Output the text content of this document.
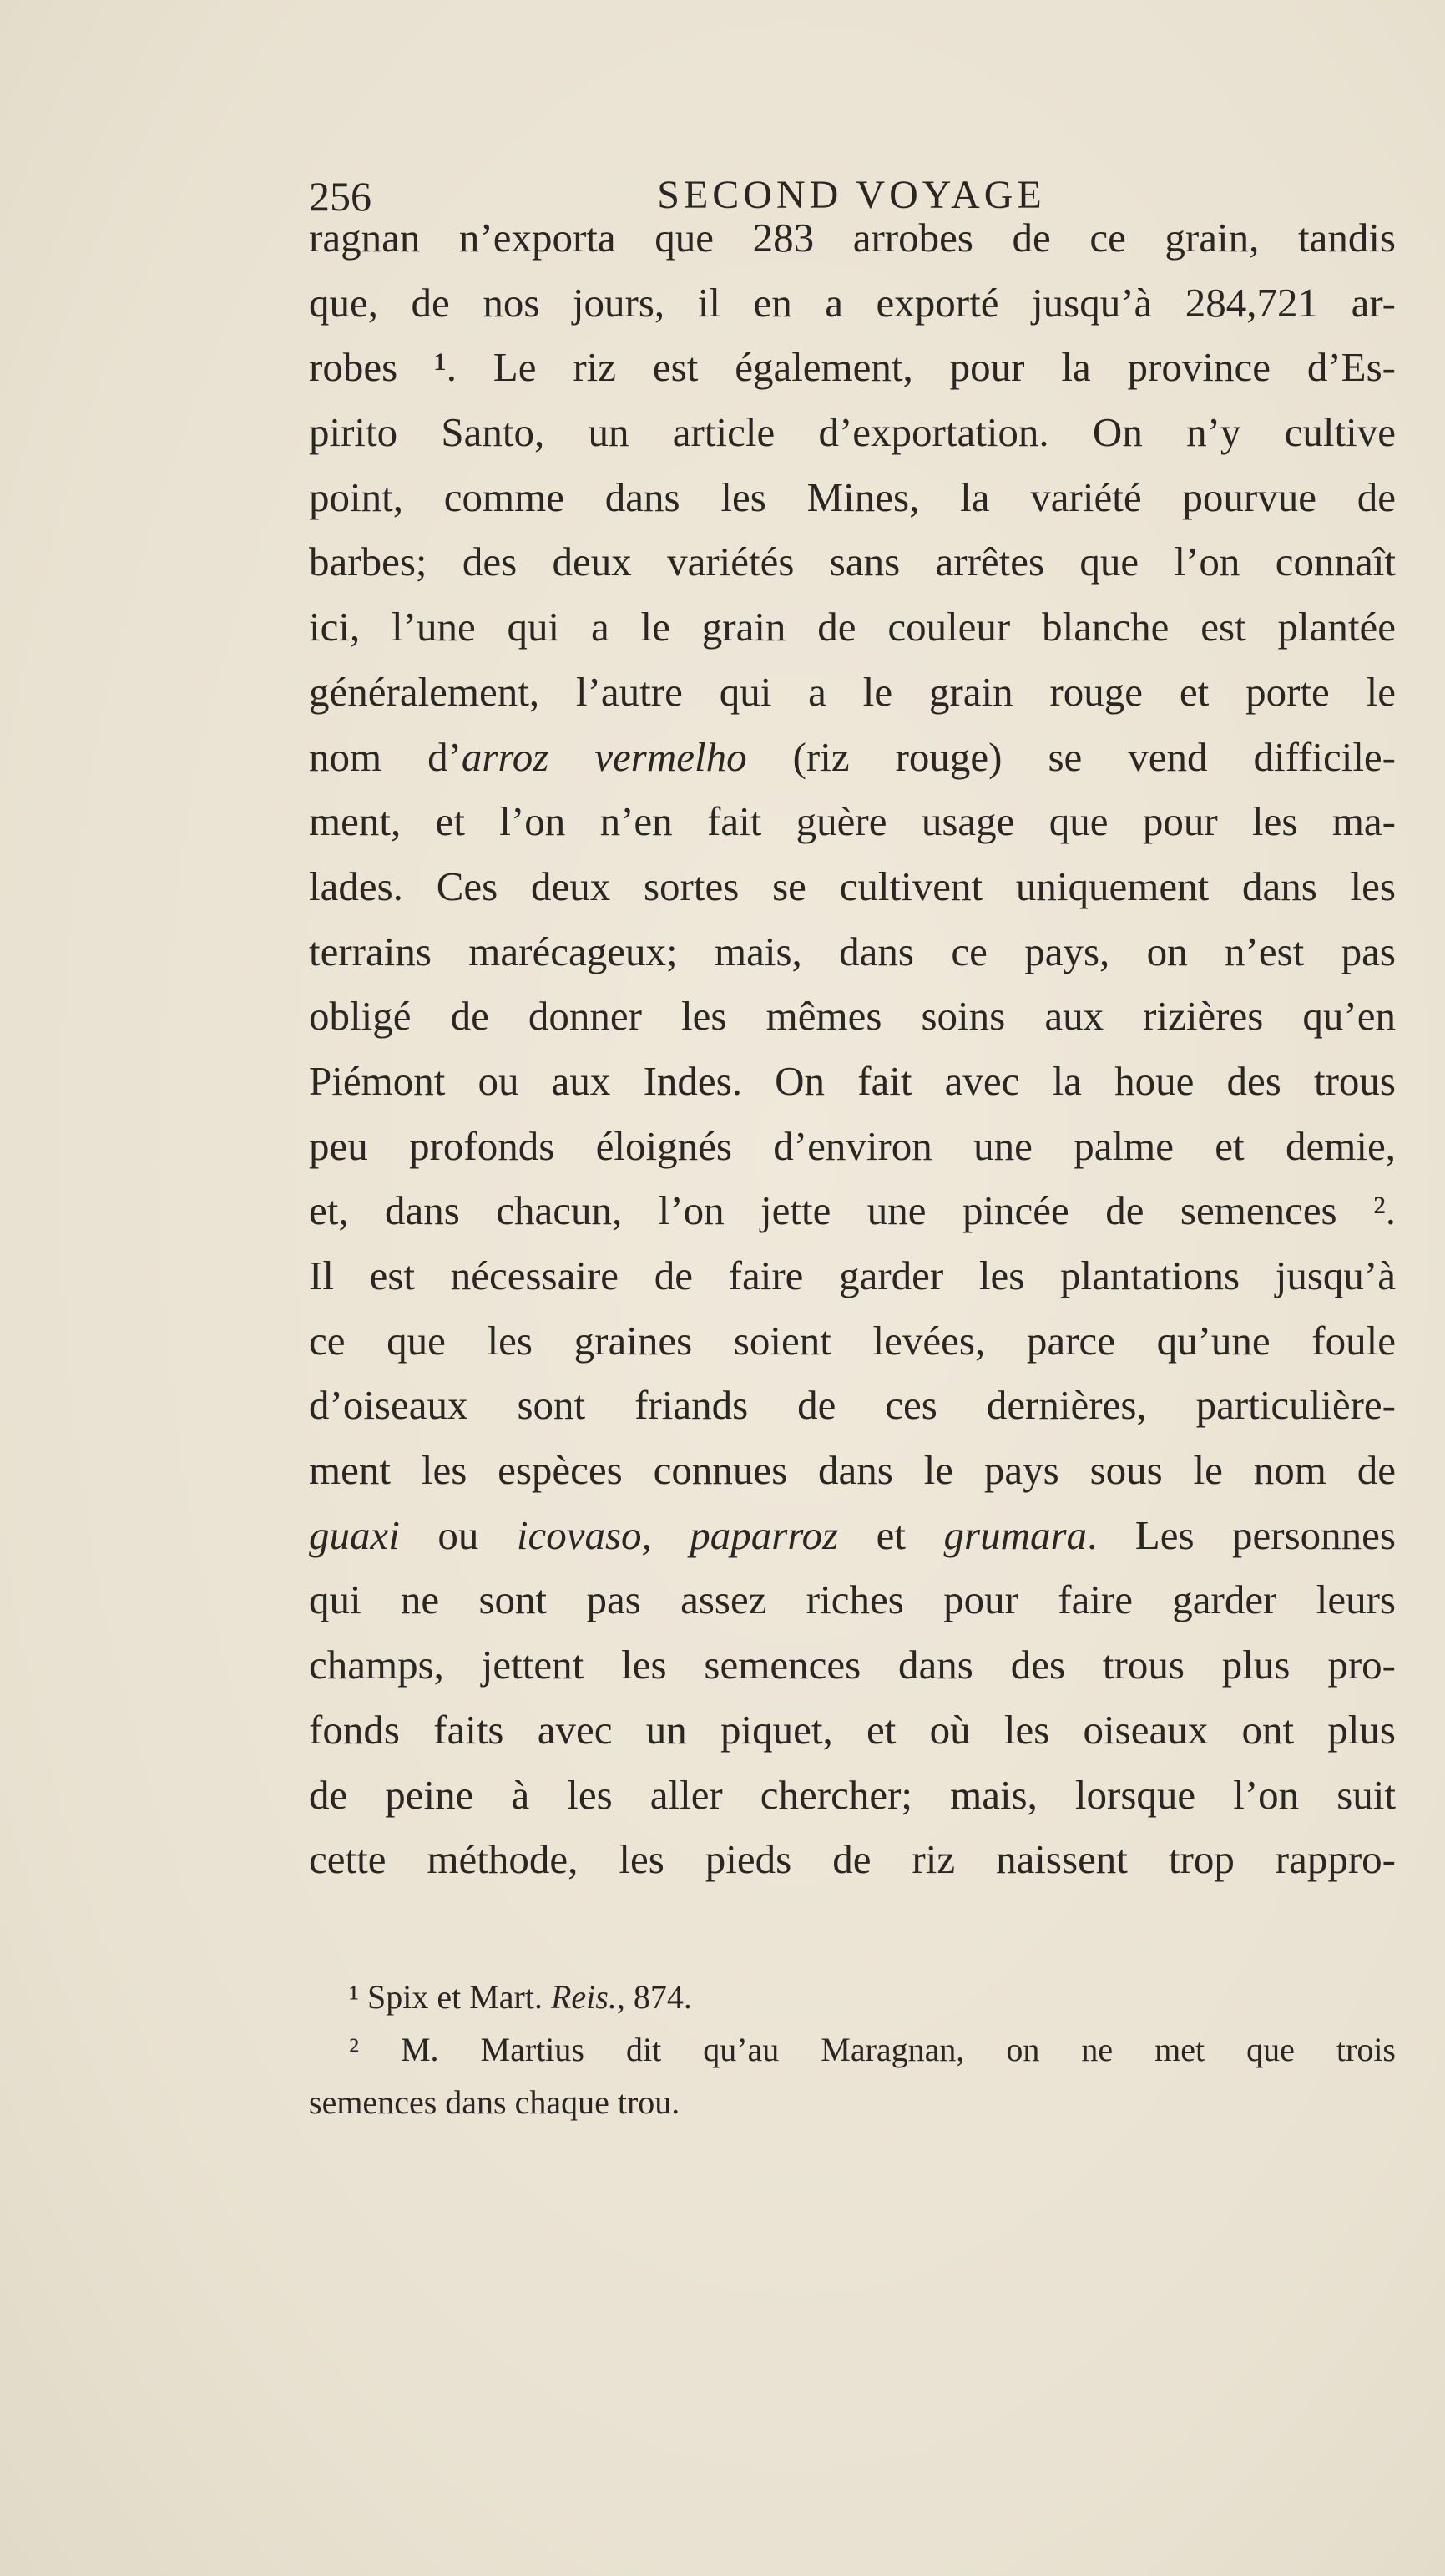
256	SECOND VOYAGE
ragnan n’exporta que 283 arrobes de ce grain, tandis
que, de nos jours, il en a exporté jusqu’à 284,721 ar-
robes ¹. Le riz est également, pour la province d’Es-
pirito Santo, un article d’exportation. On n’y cultive
point, comme dans les Mines, la variété pourvue de
barbes; des deux variétés sans arrêtes que l’on connaît
ici, l’une qui a le grain de couleur blanche est plantée
généralement, l’autre qui a le grain rouge et porte le
nom d’arroz vermelho (riz rouge) se vend difficile-
ment, et l’on n’en fait guère usage que pour les ma-
lades. Ces deux sortes se cultivent uniquement dans les
terrains marécageux; mais, dans ce pays, on n’est pas
obligé de donner les mêmes soins aux rizières qu’en
Piémont ou aux Indes. On fait avec la houe des trous
peu profonds éloignés d’environ une palme et demie,
et, dans chacun, l’on jette une pincée de semences ².
Il est nécessaire de faire garder les plantations jusqu’à
ce que les graines soient levées, parce qu’une foule
d’oiseaux sont friands de ces dernières, particulière-
ment les espèces connues dans le pays sous le nom de
guaxi ou icovaso, paparroz et grumara. Les personnes
qui ne sont pas assez riches pour faire garder leurs
champs, jettent les semences dans des trous plus pro-
fonds faits avec un piquet, et où les oiseaux ont plus
de peine à les aller chercher; mais, lorsque l’on suit
cette méthode, les pieds de riz naissent trop rappro-
¹ Spix et Mart. Reis., 874.
² M. Martius dit qu’au Maragnan, on ne met que trois
semences dans chaque trou.
